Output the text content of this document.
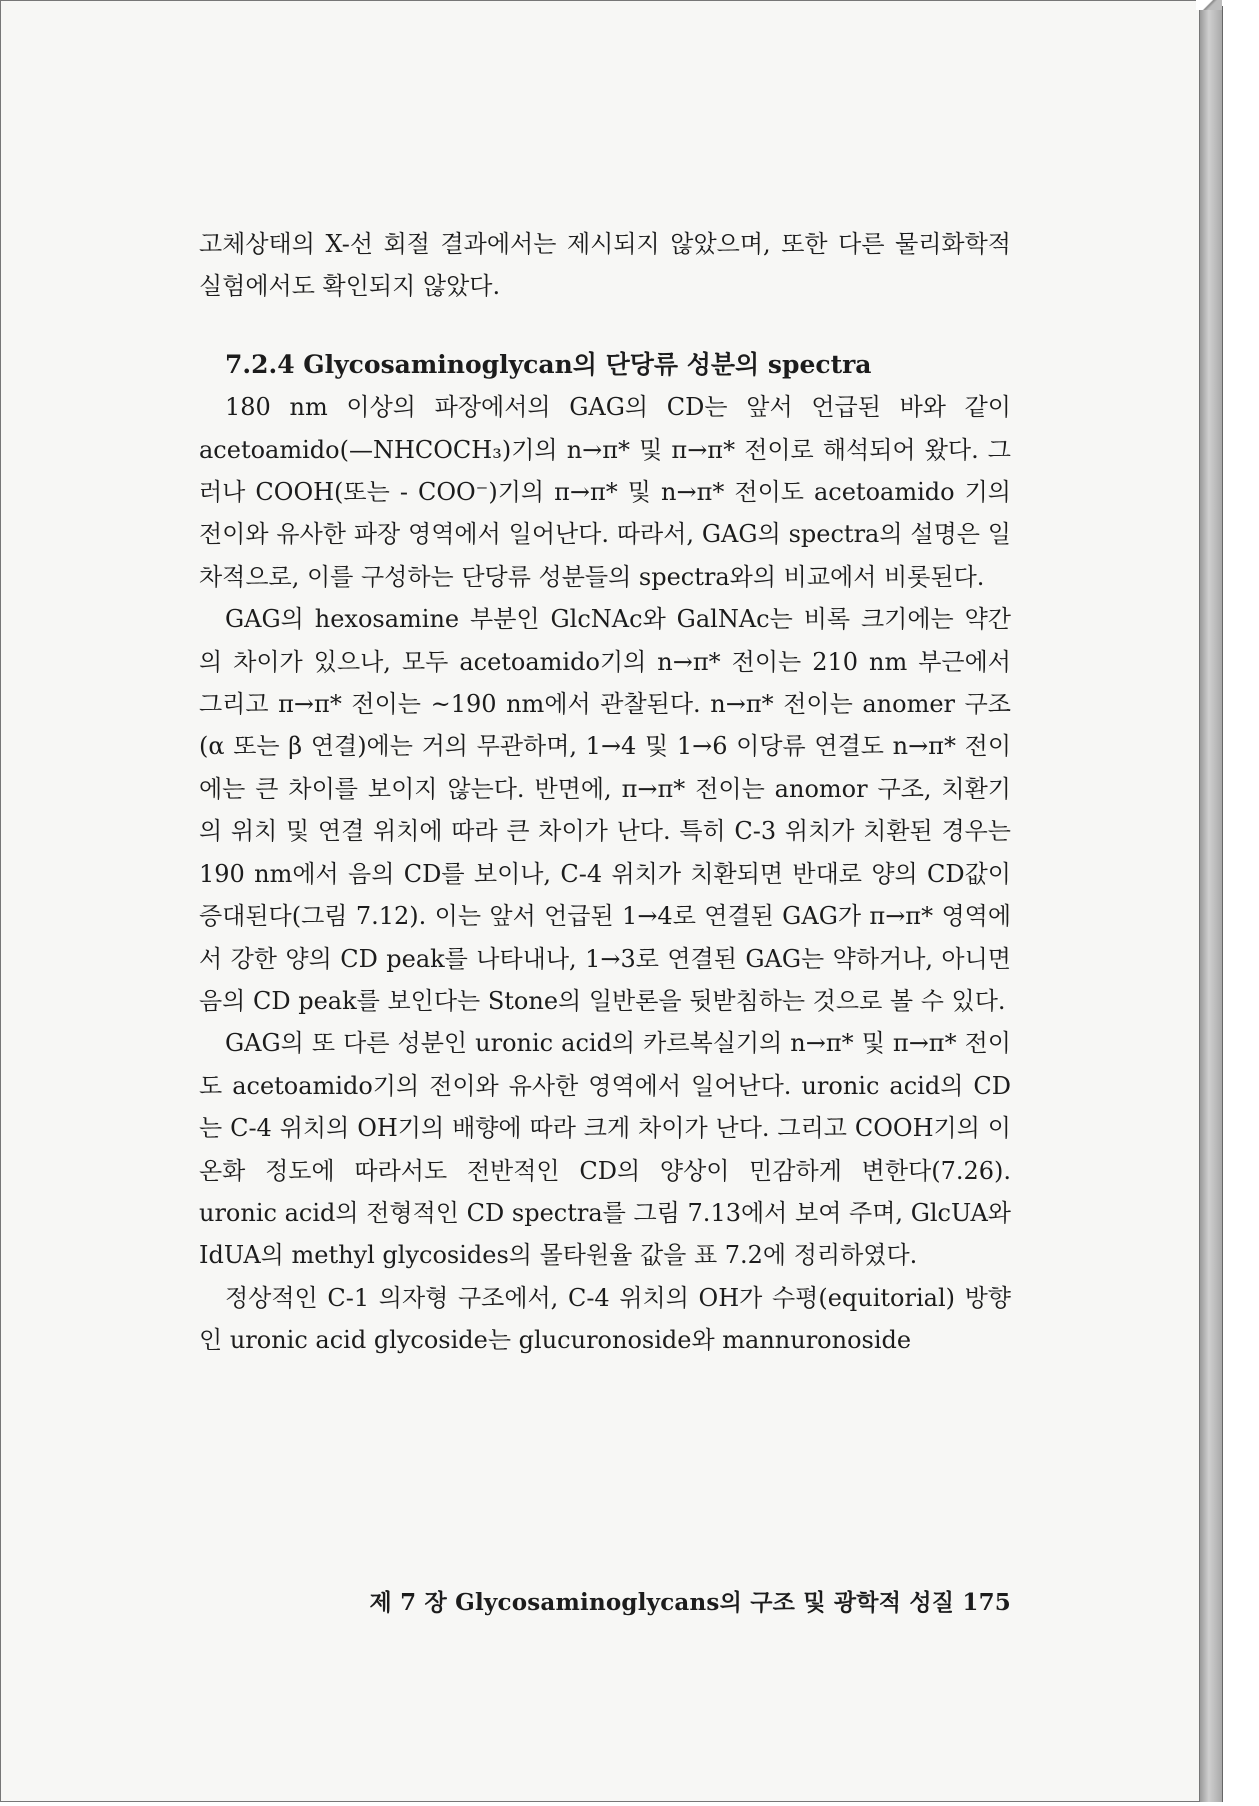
고체상태의 X-선 회절 결과에서는 제시되지 않았으며, 또한 다른 물리화학적 실험에서도 확인되지 않았다.

7.2.4 Glycosaminoglycan의 단당류 성분의 spectra

180 nm 이상의 파장에서의 GAG의 CD는 앞서 언급된 바와 같이 acetoamido(—NHCOCH₃)기의 n→π* 및 π→π* 전이로 해석되어 왔다. 그러나 COOH(또는 - COO⁻)기의 π→π* 및 n→π* 전이도 acetoamido 기의 전이와 유사한 파장 영역에서 일어난다. 따라서, GAG의 spectra의 설명은 일차적으로, 이를 구성하는 단당류 성분들의 spectra와의 비교에서 비롯된다.

GAG의 hexosamine 부분인 GlcNAc와 GalNAc는 비록 크기에는 약간의 차이가 있으나, 모두 acetoamido기의 n→π* 전이는 210 nm 부근에서 그리고 π→π* 전이는 ~190 nm에서 관찰된다. n→π* 전이는 anomer 구조(α 또는 β 연결)에는 거의 무관하며, 1→4 및 1→6 이당류 연결도 n→π* 전이에는 큰 차이를 보이지 않는다. 반면에, π→π* 전이는 anomor 구조, 치환기의 위치 및 연결 위치에 따라 큰 차이가 난다. 특히 C-3 위치가 치환된 경우는 190 nm에서 음의 CD를 보이나, C-4 위치가 치환되면 반대로 양의 CD값이 증대된다(그림 7.12). 이는 앞서 언급된 1→4로 연결된 GAG가 π→π* 영역에서 강한 양의 CD peak를 나타내나, 1→3로 연결된 GAG는 약하거나, 아니면 음의 CD peak를 보인다는 Stone의 일반론을 뒷받침하는 것으로 볼 수 있다.

GAG의 또 다른 성분인 uronic acid의 카르복실기의 n→π* 및 π→π* 전이도 acetoamido기의 전이와 유사한 영역에서 일어난다. uronic acid의 CD는 C-4 위치의 OH기의 배향에 따라 크게 차이가 난다. 그리고 COOH기의 이온화 정도에 따라서도 전반적인 CD의 양상이 민감하게 변한다(7.26). uronic acid의 전형적인 CD spectra를 그림 7.13에서 보여 주며, GlcUA와 IdUA의 methyl glycosides의 몰타원율 값을 표 7.2에 정리하였다.

정상적인 C-1 의자형 구조에서, C-4 위치의 OH가 수평(equitorial) 방향인 uronic acid glycoside는 glucuronoside와 mannuronoside

제 7 장 Glycosaminoglycans의 구조 및 광학적 성질 175
